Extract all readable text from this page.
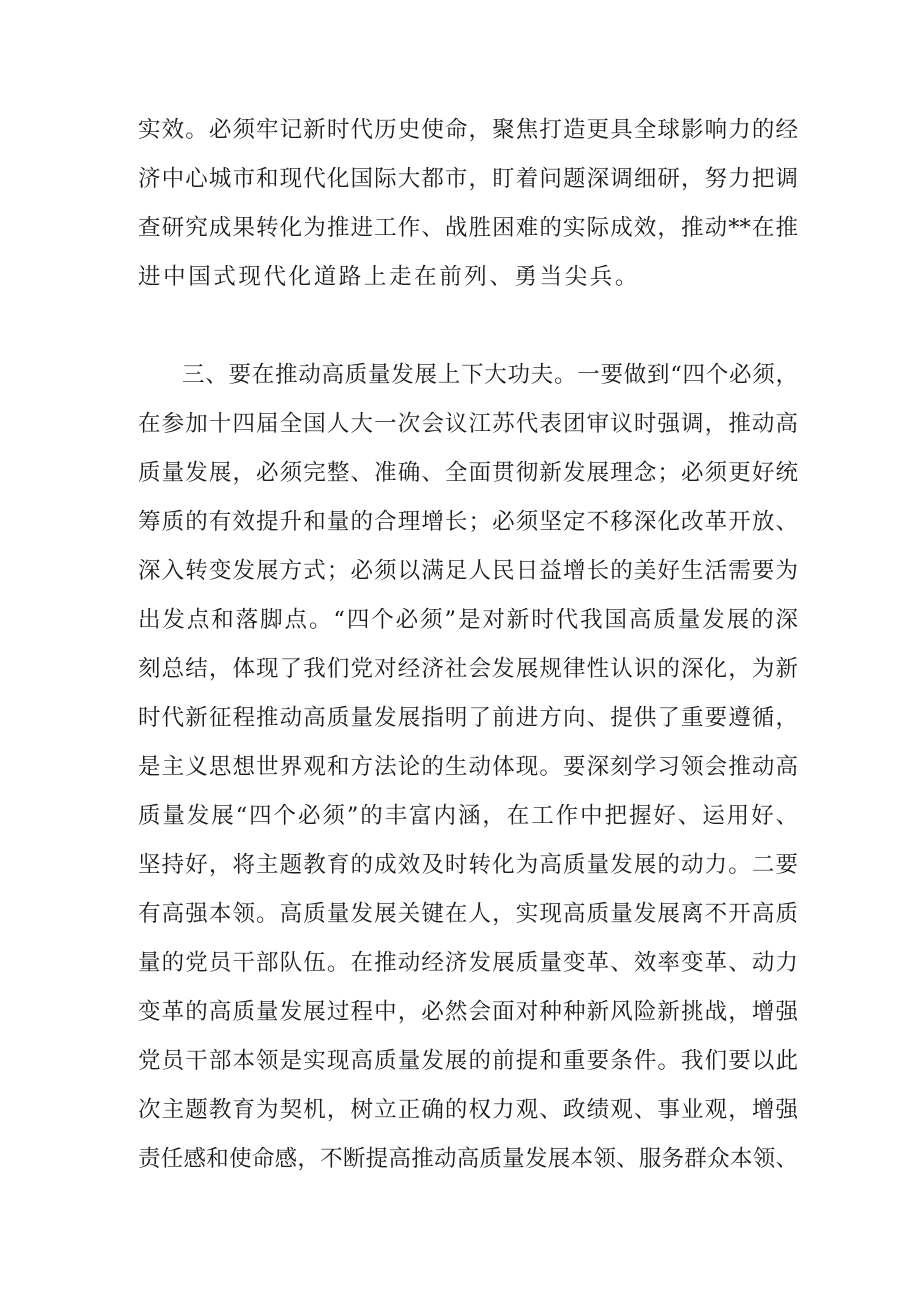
实效。必须牢记新时代历史使命，聚焦打造更具全球影响力的经
济中心城市和现代化国际大都市，盯着问题深调细研，努力把调
查研究成果转化为推进工作、战胜困难的实际成效，推动**在推
进中国式现代化道路上走在前列、勇当尖兵。
三、要在推动高质量发展上下大功夫。一要做到“四个必须，
在参加十四届全国人大一次会议江苏代表团审议时强调，推动高
质量发展，必须完整、准确、全面贯彻新发展理念；必须更好统
筹质的有效提升和量的合理增长；必须坚定不移深化改革开放、
深入转变发展方式；必须以满足人民日益增长的美好生活需要为
出发点和落脚点。“四个必须”是对新时代我国高质量发展的深
刻总结，体现了我们党对经济社会发展规律性认识的深化，为新
时代新征程推动高质量发展指明了前进方向、提供了重要遵循，
是主义思想世界观和方法论的生动体现。要深刻学习领会推动高
质量发展“四个必须”的丰富内涵，在工作中把握好、运用好、
坚持好，将主题教育的成效及时转化为高质量发展的动力。二要
有高强本领。高质量发展关键在人，实现高质量发展离不开高质
量的党员干部队伍。在推动经济发展质量变革、效率变革、动力
变革的高质量发展过程中，必然会面对种种新风险新挑战，增强
党员干部本领是实现高质量发展的前提和重要条件。我们要以此
次主题教育为契机，树立正确的权力观、政绩观、事业观，增强
责任感和使命感，不断提高推动高质量发展本领、服务群众本领、
